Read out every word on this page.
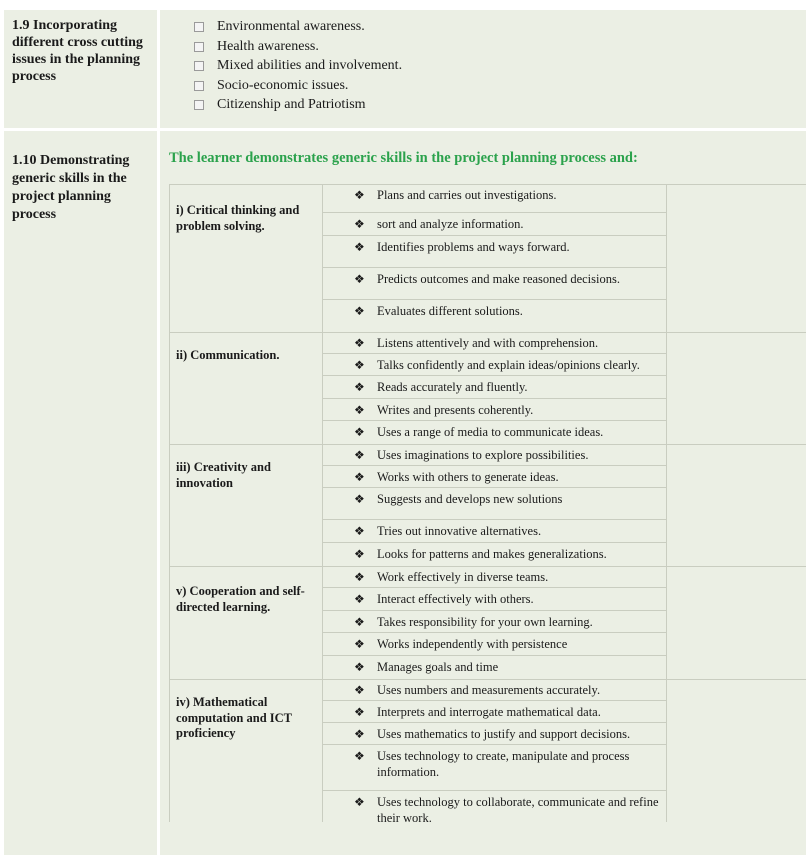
1.9 Incorporating different cross cutting issues in the planning process
Environmental awareness.
Health awareness.
Mixed abilities and involvement.
Socio-economic issues.
Citizenship and Patriotism
1.10 Demonstrating generic skills in the project planning process
The learner demonstrates generic skills in the project planning process and:
i) Critical thinking and problem solving.
❖ Plans and carries out investigations.
❖ sort and analyze information.
❖ Identifies problems and ways forward.
❖ Predicts outcomes and make reasoned decisions.
❖ Evaluates different solutions.
ii) Communication.
❖ Listens attentively and with comprehension.
❖ Talks confidently and explain ideas/opinions clearly.
❖ Reads accurately and fluently.
❖ Writes and presents coherently.
❖ Uses a range of media to communicate ideas.
iii) Creativity and innovation
❖ Uses imaginations to explore possibilities.
❖ Works with others to generate ideas.
❖ Suggests and develops new solutions
❖ Tries out innovative alternatives.
❖ Looks for patterns and makes generalizations.
v) Cooperation and self-directed learning.
❖ Work effectively in diverse teams.
❖ Interact effectively with others.
❖ Takes responsibility for your own learning.
❖ Works independently with persistence
❖ Manages goals and time
iv) Mathematical computation and ICT proficiency
❖ Uses numbers and measurements accurately.
❖ Interprets and interrogate mathematical data.
❖ Uses mathematics to justify and support decisions.
❖ Uses technology to create, manipulate and process information.
❖ Uses technology to collaborate, communicate and refine their work.
